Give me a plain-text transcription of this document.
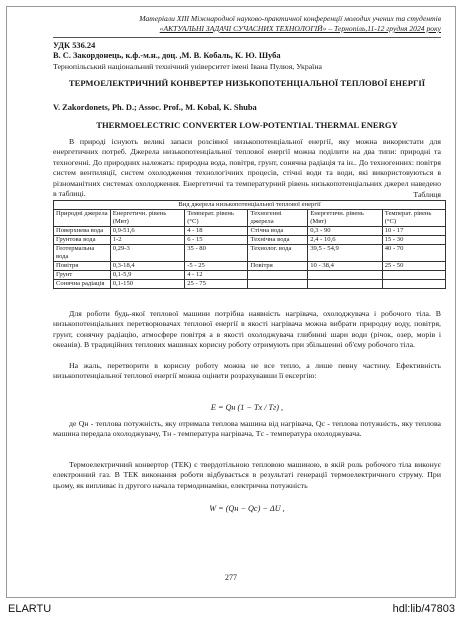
Матеріали XIII Міжнародної науково-практичної конференції молодих учених та студентів
«АКТУАЛЬНІ ЗАДАЧІ СУЧАСНИХ ТЕХНОЛОГІЙ» – Тернопіль,11-12 грудня 2024 року
УДК 536.24
В. С. Закордонець, к.ф.-м.н., доц. ,М. В. Кобаль, К. Ю. Шуба
Тернопільський національний технічний університет імені Івана Пулюя, Україна
ТЕРМОЕЛЕКТРИЧНИЙ КОНВЕРТЕР НИЗЬКОПОТЕНЦІАЛЬНОЇ ТЕПЛОВОЇ ЕНЕРГІЇ
V. Zakordonets, Ph. D.; Assoc. Prof., M. Kobal, K. Shuba
THERMOELECTRIC CONVERTER LOW-POTENTIAL THERMAL ENERGY
В природі існують великі запаси розсіяної низькопотенціальної енергії, яку можна використати для енергетичних потреб. Джерела низькопотенціальної теплової енергії можна поділити на два типи: природні та техногенні. До природних належать: природна вода, повітря, грунт, сонячна радіація та ін.. До техногенних: повітря систем вентиляції, систем охолодження технологічних процесів, стічні води та води, які використовуються в різноманітних системах охолодження. Енергетичні та температурний рівень низькопотенціальних джерел наведено в таблиці.	Таблиця
Вид джерела низькопотенціальної теплової енергії					
Природні джерела	Енергетичн. рівень (Мвт)	Температ. рівень (°С)	Техногенні джерела	Енергетичн. рівень (Мвт)	Температ. рівень (°С)
Поверхнева вода	0,9-51,6	4 - 18	Стічна вода	0,3 - 90	10 - 17
Грунтова вода	1-2	6 - 15	Технічна вода	2,4 - 10,6	15 - 30
Геотермальна вода	0,29-3	35 - 80	Технолог. вода	39,5 - 54,9	40 - 70
Повітря	0,3-18,4	-5 - 25	Повітря	10 - 38,4	25 - 50
Грунт	0,1-5,9	4 - 12			
Сонячна радіація	0,1-150	25 - 75			
Для роботи будь-якої теплової машини потрібна наявність нагрівача, охолоджувача і робочого тіла. В низькопотенціальних перетворювачах теплової енергії в якості нагрівача можна вибрати природну воду, повітря, грунт, сонячну радіацію, атмосфере повітря а в якості охолоджувача глибинні шари води (річок, озер, морів і океанів). В традиційних теплових машинах корисну роботу отримують при збільшенні об'єму робочого тіла.
На жаль, перетворити в корисну роботу можна не все тепло, а лише певну частину. Ефективність низькопотенціальної теплової енергії можна оцінити розрахувавши її ексергію:
E = Qн (1 − Tх / Tг) ,
де Qн - теплова потужність, яку отримала теплова машина від нагрівача, Qс - теплова потужність, яку теплова машина передала охолоджувачу, Tн - температура нагрівача, Tс - температура охолоджувача.
Термоелектричний конвертор (ТЕК) є твердотільною тепловою машиною, в якій роль робочого тіла виконує електронний газ. В ТЕК виконання роботи відбувається в результаті генерації термоелектричного струму. При цьому, як випливає із другого начала термодинаміки, електрична потужність
W = (Qн − Qс) − ΔU ,
277
ELARTU	hdl:lib/47803
